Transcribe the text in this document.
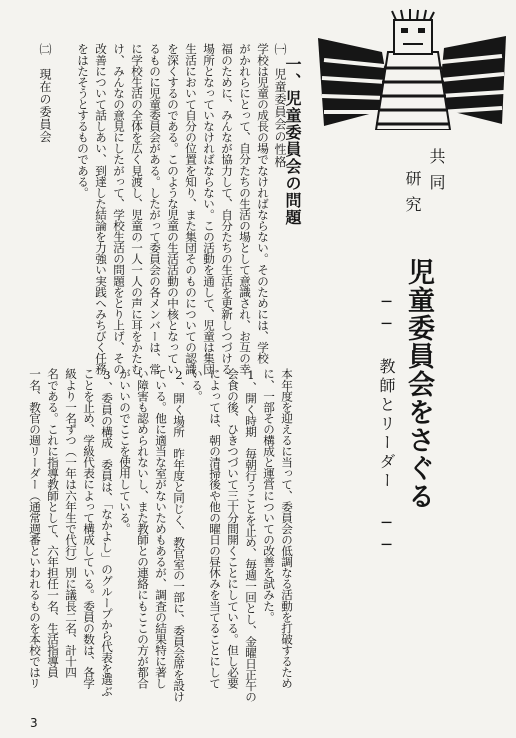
共同
研究
児童委員会をさぐる
── 教師とリーダー ──
一、児童委員会の問題
㈠　児童委員会の性格
学校は児童の成長の場でなければならない。そのためには、学校
がかれらにとって、自分たちの生活の場として意識され、お互の幸
福のために、みんなが協力して、自分たちの生活を更新しつづける
場所となっていなければならない。この活動を通して、児童は集団
生活において自分の位置を知り、また集団そのものについての認識
を深くするのである。このような児童の生活活動の中核となってい
るものに児童委員会がある。したがって委員会の各メンバーは、常
に学校生活の全体を広く見渡し、児童の一人一人の声に耳をかたむ
け、みんなの意見にしたがって、学校生活の問題をとり上げ、その
改善について話しあい、到達した結論を力強い実践へみちびく任務
をはたそうとするものである。
㈡　現在の委員会
本年度を迎えるに当って、委員会の低調なる活動を打破するため
に、一部その構成と運営についての改善を試みた。
1、開く時期　毎朝行うことを止め、毎週一回とし、金曜日正午の
会食の後、ひきつづいて三十分間開くことにしている。但し必要
によっては、朝の清掃後や他の曜日の昼休みを当てることにして
いる。
2、開く場所　昨年度と同じく、教官室の一部に、委員会席を設け
ている。他に適当な室がないためもあるが、調査の結果特に著し
い障害も認められないし、また教師との連絡にもここの方が都合
がいいのでここを使用している。
3、委員の構成　委員は、「なかよし」のグループから代表を選ぶ
ことを止め、学級代表によって構成している。委員の数は、各学
級より一名ずつ（一年は六年生で代行）別に議長二名、計十四
名である。これに指導教師として、六年担任一名、生活指導員
一名、教官の週リーダー（通常週番といわれるものを本校ではリ
3
